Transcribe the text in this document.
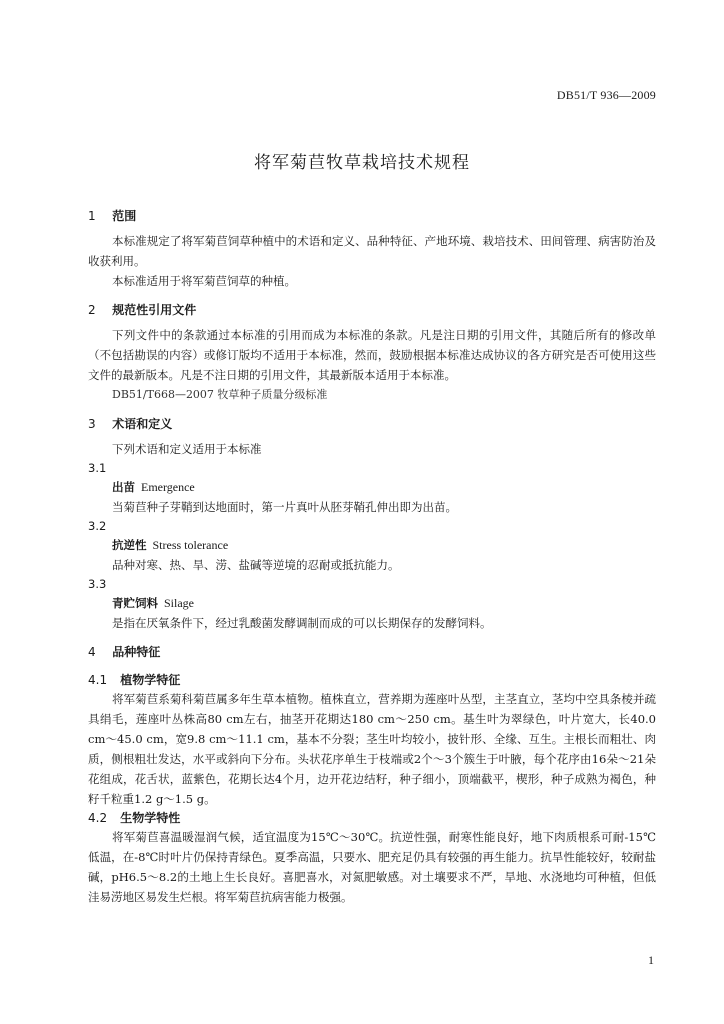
DB51/T 936—2009
将军菊苣牧草栽培技术规程
1 范围

本标准规定了将军菊苣饲草种植中的术语和定义、品种特征、产地环境、栽培技术、田间管理、病害防治及收获利用。

本标准适用于将军菊苣饲草的种植。

2 规范性引用文件

下列文件中的条款通过本标准的引用而成为本标准的条款。凡是注日期的引用文件，其随后所有的修改单（不包括勘误的内容）或修订版均不适用于本标准，然而，鼓励根据本标准达成协议的各方研究是否可使用这些文件的最新版本。凡是不注日期的引用文件，其最新版本适用于本标准。

DB51/T668—2007 牧草种子质量分级标准
3 术语和定义

下列术语和定义适用于本标准

3.1
出苗 Emergence
当菊苣种子芽鞘到达地面时，第一片真叶从胚芽鞘孔伸出即为出苗。
3.2
抗逆性 Stress tolerance
品种对寒、热、旱、涝、盐碱等逆境的忍耐或抵抗能力。
3.3
青贮饲料 Silage
是指在厌氧条件下，经过乳酸菌发酵调制而成的可以长期保存的发酵饲料。
4 品种特征
4.1 植物学特征

将军菊苣系菊科菊苣属多年生草本植物。植株直立，营养期为莲座叶丛型，主茎直立，茎均中空具条棱并疏具绢毛，莲座叶丛株高80 cm左右，抽茎开花期达180 cm～250 cm。基生叶为翠绿色，叶片宽大，长40.0 cm～45.0 cm，宽9.8 cm～11.1 cm，基本不分裂；茎生叶均较小，披针形、全缘、互生。主根长而粗壮、肉质，侧根粗壮发达，水平或斜向下分布。头状花序单生于枝端或2个～3个簇生于叶腋，每个花序由16朵～21朵花组成，花舌状，蓝紫色，花期长达4个月，边开花边结籽，种子细小，顶端截平，楔形，种子成熟为褐色，种籽千粒重1.2 g～1.5 g。

4.2 生物学特性

将军菊苣喜温暖湿润气候，适宜温度为15℃～30℃。抗逆性强，耐寒性能良好，地下肉质根系可耐-15℃低温，在-8℃时叶片仍保持青绿色。夏季高温，只要水、肥充足仍具有较强的再生能力。抗旱性能较好，较耐盐碱，pH6.5～8.2的土地上生长良好。喜肥喜水，对氮肥敏感。对土壤要求不严，旱地、水浇地均可种植，但低洼易涝地区易发生烂根。将军菊苣抗病害能力极强。

1
